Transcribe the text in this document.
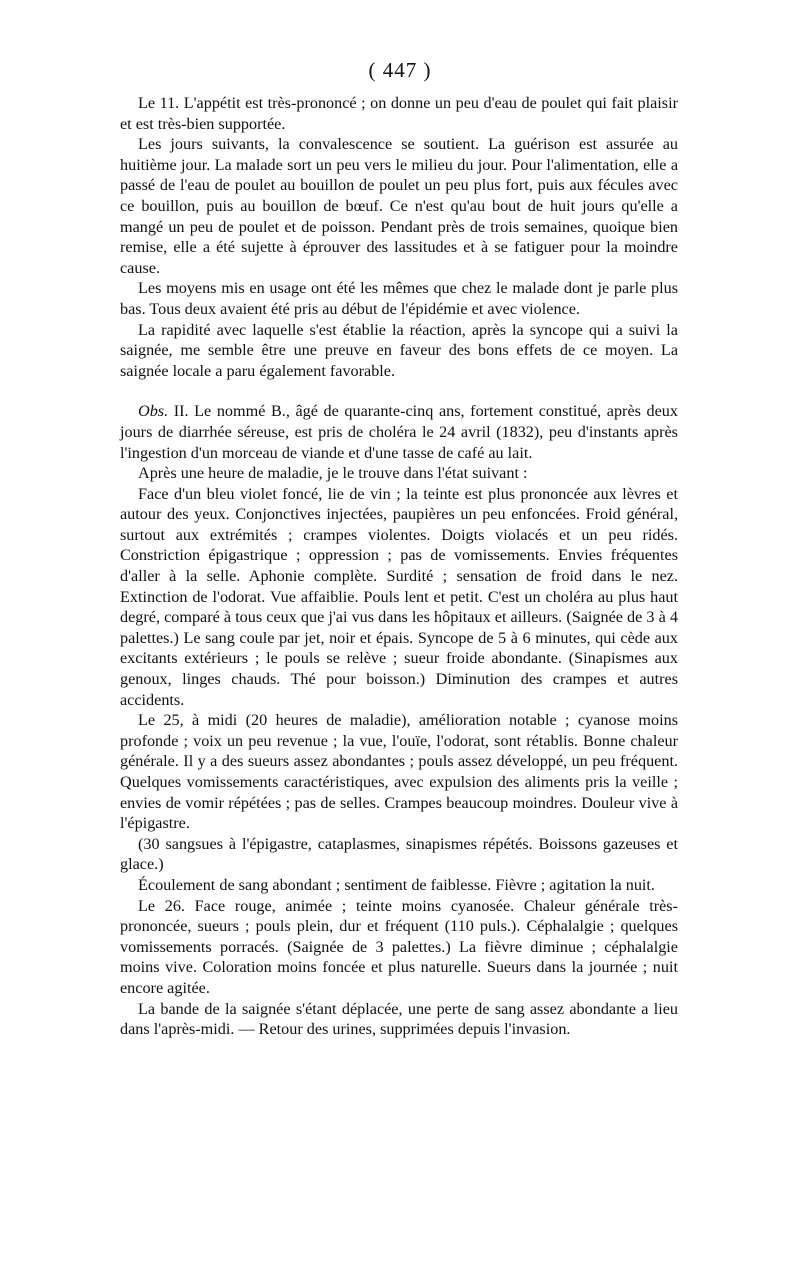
( 447 )

Le 11. L'appétit est très-prononcé ; on donne un peu d'eau de poulet qui fait plaisir et est très-bien supportée.

Les jours suivants, la convalescence se soutient. La guérison est assurée au huitième jour. La malade sort un peu vers le milieu du jour. Pour l'alimentation, elle a passé de l'eau de poulet au bouillon de poulet un peu plus fort, puis aux fécules avec ce bouillon, puis au bouillon de bœuf. Ce n'est qu'au bout de huit jours qu'elle a mangé un peu de poulet et de poisson. Pendant près de trois semaines, quoique bien remise, elle a été sujette à éprouver des lassitudes et à se fatiguer pour la moindre cause.

Les moyens mis en usage ont été les mêmes que chez le malade dont je parle plus bas. Tous deux avaient été pris au début de l'épidémie et avec violence.

La rapidité avec laquelle s'est établie la réaction, après la syncope qui a suivi la saignée, me semble être une preuve en faveur des bons effets de ce moyen. La saignée locale a paru également favorable.

Obs. II. Le nommé B., âgé de quarante-cinq ans, fortement constitué, après deux jours de diarrhée séreuse, est pris de choléra le 24 avril (1832), peu d'instants après l'ingestion d'un morceau de viande et d'une tasse de café au lait.

Après une heure de maladie, je le trouve dans l'état suivant :

Face d'un bleu violet foncé, lie de vin ; la teinte est plus prononcée aux lèvres et autour des yeux. Conjonctives injectées, paupières un peu enfoncées. Froid général, surtout aux extrémités ; crampes violentes. Doigts violacés et un peu ridés. Constriction épigastrique ; oppression ; pas de vomissements. Envies fréquentes d'aller à la selle. Aphonie complète. Surdité ; sensation de froid dans le nez. Extinction de l'odorat. Vue affaiblie. Pouls lent et petit. C'est un choléra au plus haut degré, comparé à tous ceux que j'ai vus dans les hôpitaux et ailleurs. (Saignée de 3 à 4 palettes.) Le sang coule par jet, noir et épais. Syncope de 5 à 6 minutes, qui cède aux excitants extérieurs ; le pouls se relève ; sueur froide abondante. (Sinapismes aux genoux, linges chauds. Thé pour boisson.) Diminution des crampes et autres accidents.

Le 25, à midi (20 heures de maladie), amélioration notable ; cyanose moins profonde ; voix un peu revenue ; la vue, l'ouïe, l'odorat, sont rétablis. Bonne chaleur générale. Il y a des sueurs assez abondantes ; pouls assez développé, un peu fréquent. Quelques vomissements caractéristiques, avec expulsion des aliments pris la veille ; envies de vomir répétées ; pas de selles. Crampes beaucoup moindres. Douleur vive à l'épigastre.

(30 sangsues à l'épigastre, cataplasmes, sinapismes répétés. Boissons gazeuses et glace.)

Écoulement de sang abondant ; sentiment de faiblesse. Fièvre ; agitation la nuit.

Le 26. Face rouge, animée ; teinte moins cyanosée. Chaleur générale très-prononcée, sueurs ; pouls plein, dur et fréquent (110 puls.). Céphalalgie ; quelques vomissements porracés. (Saignée de 3 palettes.) La fièvre diminue ; céphalalgie moins vive. Coloration moins foncée et plus naturelle. Sueurs dans la journée ; nuit encore agitée.

La bande de la saignée s'étant déplacée, une perte de sang assez abondante a lieu dans l'après-midi. — Retour des urines, supprimées depuis l'invasion.
